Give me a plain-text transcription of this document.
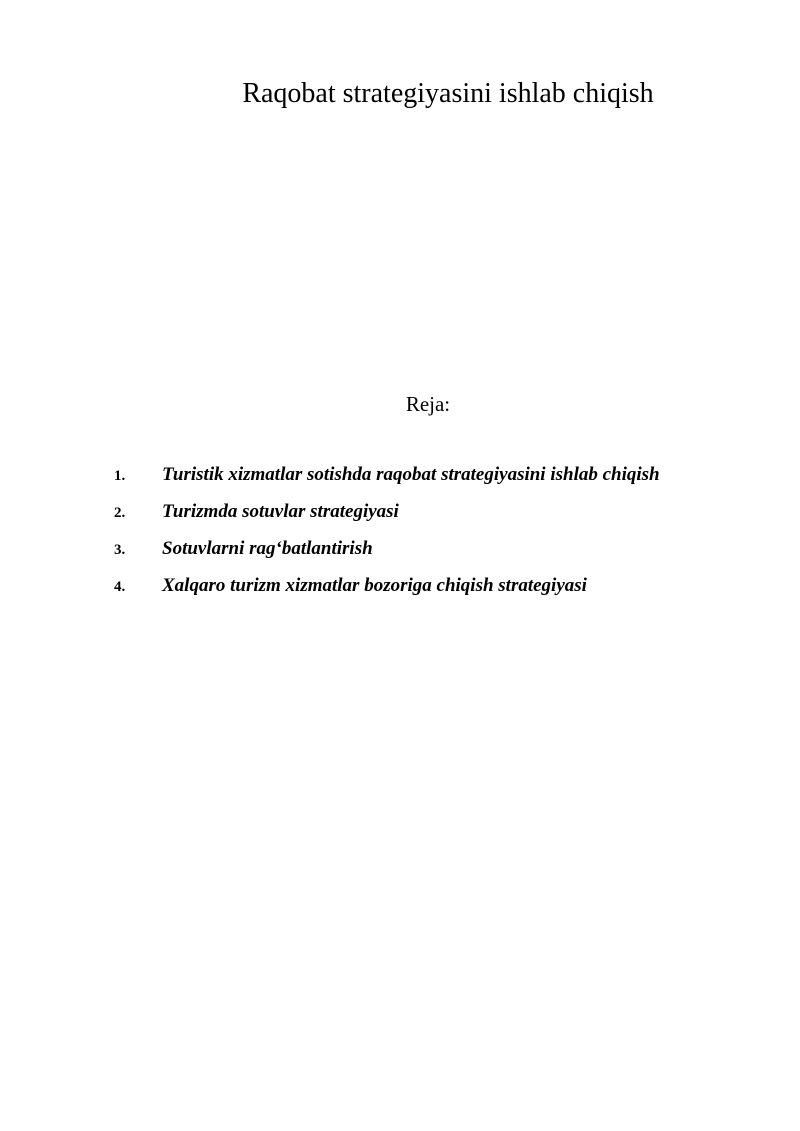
Raqobat strategiyasini ishlab chiqish
Reja:
1. Turistik xizmatlar sotishda raqobat strategiyasini ishlab chiqish
2. Turizmda sotuvlar strategiyasi
3. Sotuvlarni rag‘batlantirish
4. Xalqaro turizm xizmatlar bozoriga chiqish strategiyasi
